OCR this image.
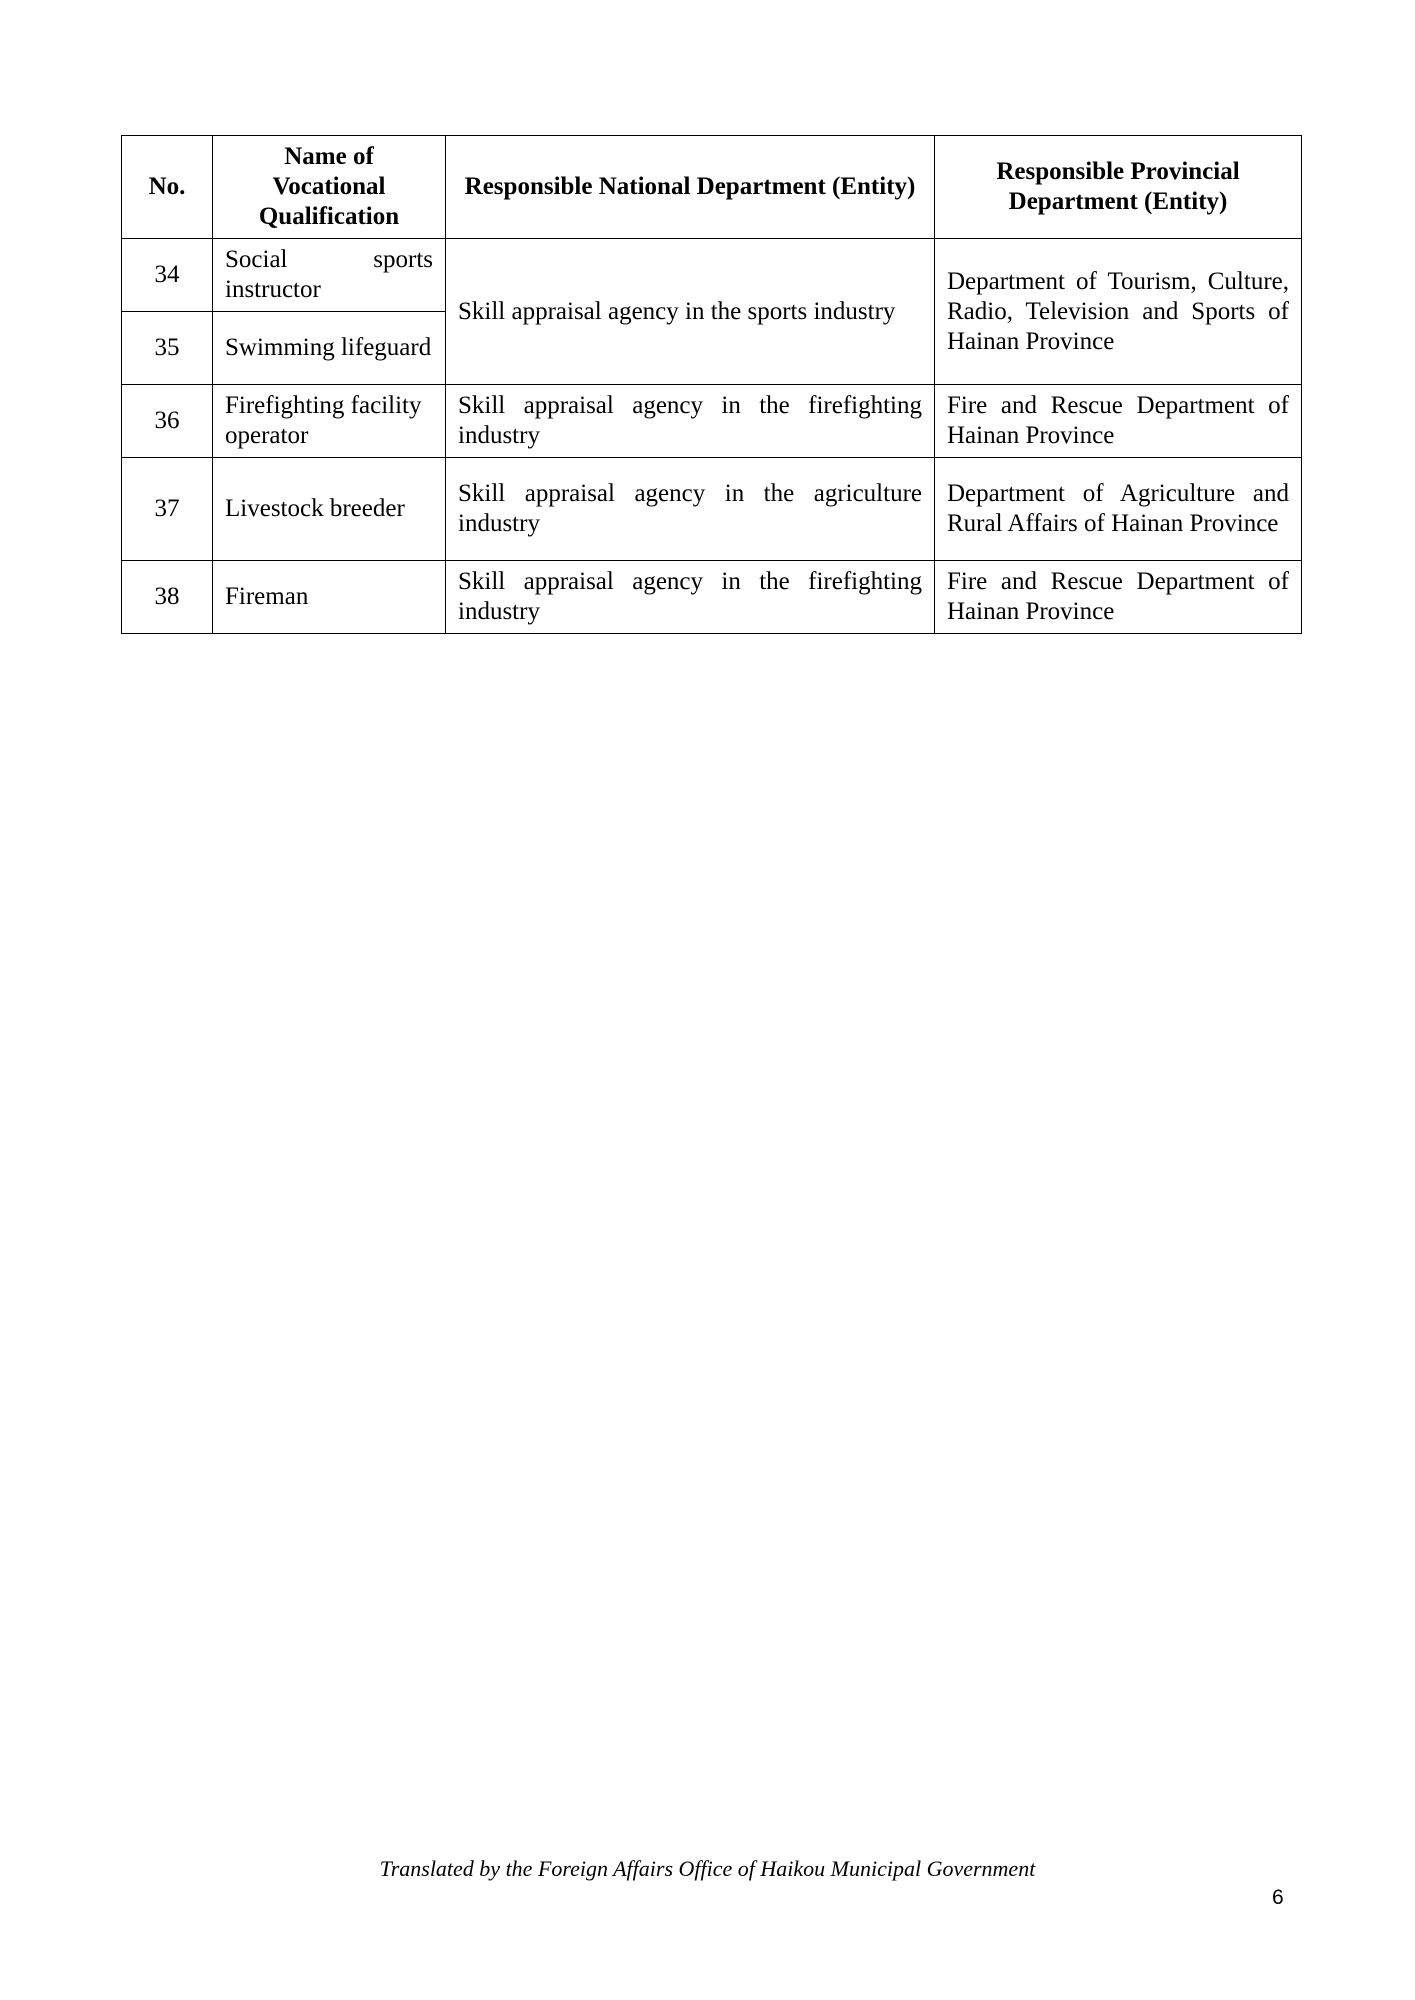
No.	Name of Vocational Qualification	Responsible National Department (Entity)	Responsible Provincial Department (Entity)
34	Social sports instructor	Skill appraisal agency in the sports industry	Department of Tourism, Culture, Radio, Television and Sports of Hainan Province
35	Swimming lifeguard		
36	Firefighting facility operator	Skill appraisal agency in the firefighting industry	Fire and Rescue Department of Hainan Province
37	Livestock breeder	Skill appraisal agency in the agriculture industry	Department of Agriculture and Rural Affairs of Hainan Province
38	Fireman	Skill appraisal agency in the firefighting industry	Fire and Rescue Department of Hainan Province
Translated by the Foreign Affairs Office of Haikou Municipal Government
6
